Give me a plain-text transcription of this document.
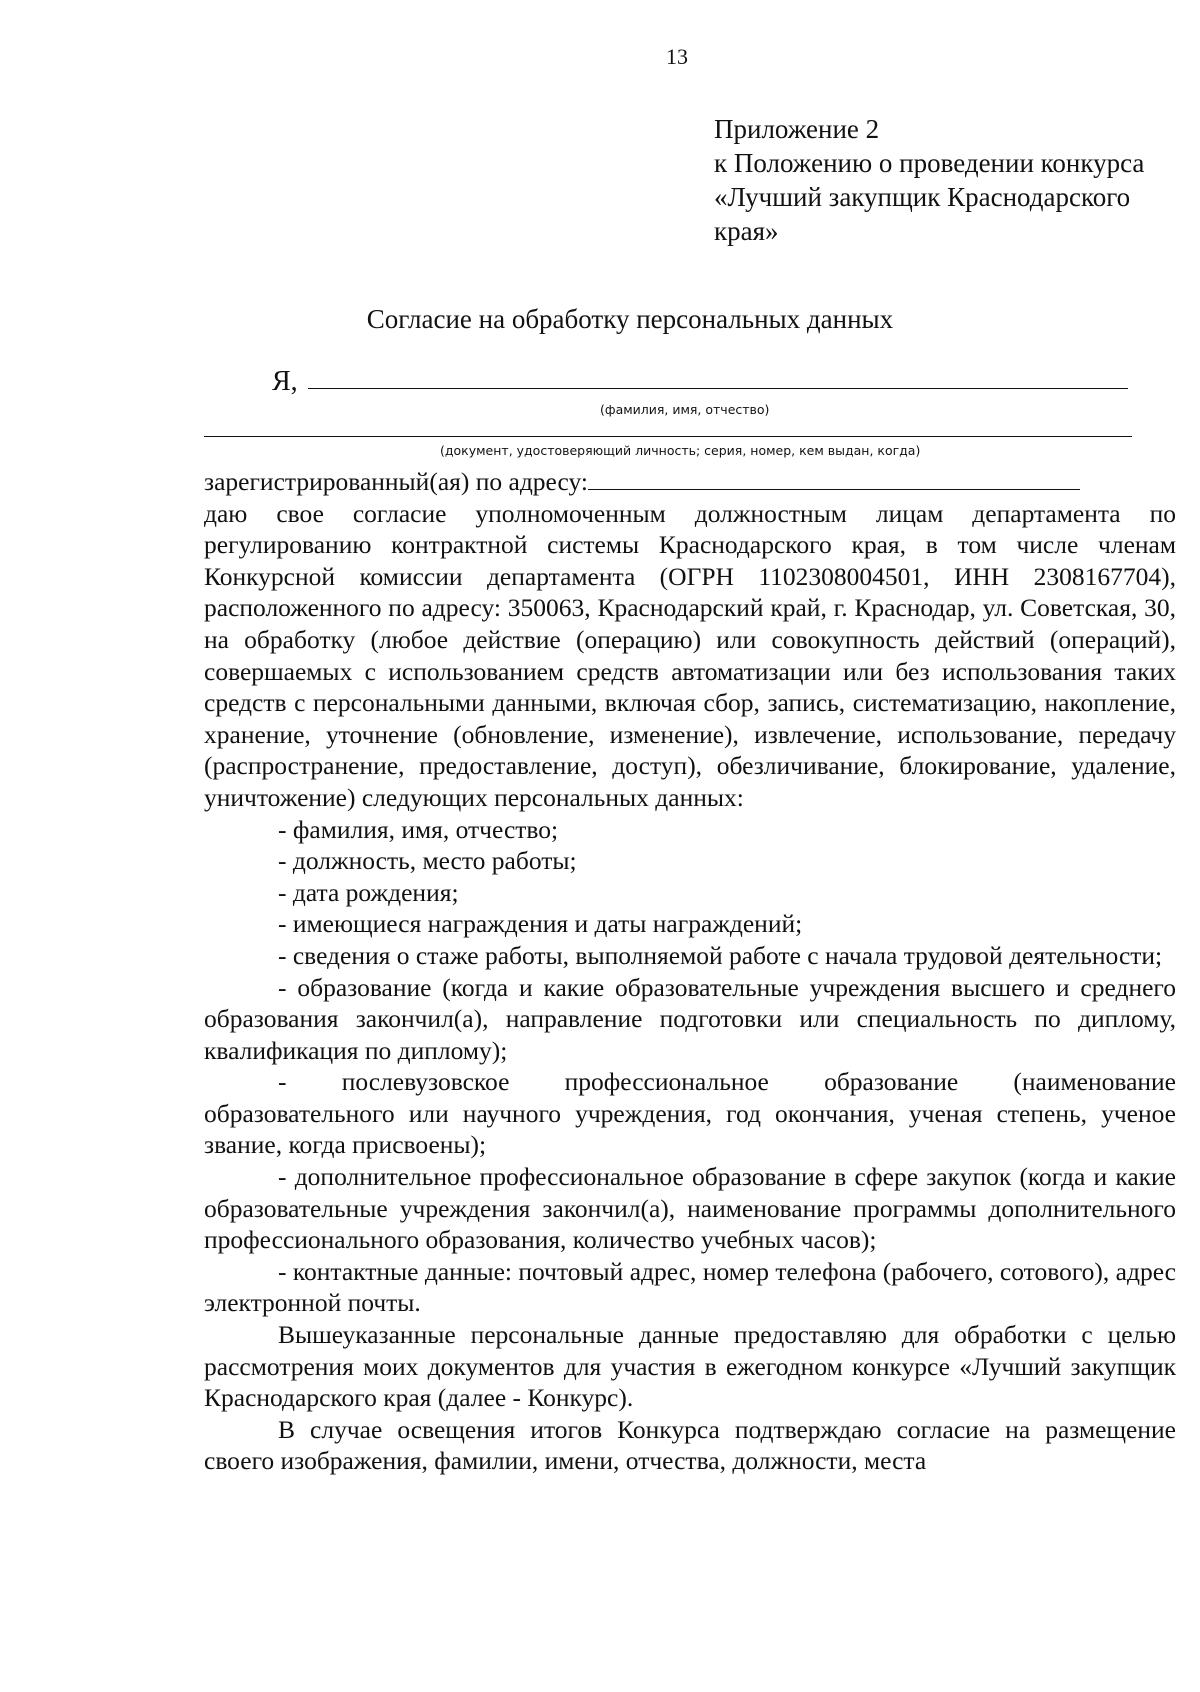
13
Приложение 2
к Положению о проведении конкурса
«Лучший закупщик Краснодарского
края»
Согласие на обработку персональных данных
Я,
(фамилия, имя, отчество)
(документ, удостоверяющий личность; серия, номер, кем выдан, когда)

зарегистрированный(ая) по адресу:

даю свое согласие уполномоченным должностным лицам департамента по регулированию контрактной системы Краснодарского края, в том числе членам Конкурсной комиссии департамента (ОГРН 1102308004501, ИНН 2308167704), расположенного по адресу: 350063, Краснодарский край, г. Краснодар, ул. Советская, 30, на обработку (любое действие (операцию) или совокупность действий (операций), совершаемых с использованием средств автоматизации или без использования таких средств с персональными данными, включая сбор, запись, систематизацию, накопление, хранение, уточнение (обновление, изменение), извлечение, использование, передачу (распространение, предоставление, доступ), обезличивание, блокирование, удаление, уничтожение) следующих персональных данных:

- фамилия, имя, отчество;

- должность, место работы;

- дата рождения;

- имеющиеся награждения и даты награждений;

- сведения о стаже работы, выполняемой работе с начала трудовой деятельности;

- образование (когда и какие образовательные учреждения высшего и среднего образования закончил(а), направление подготовки или специальность по диплому, квалификация по диплому);

- послевузовское профессиональное образование (наименование образовательного или научного учреждения, год окончания, ученая степень, ученое звание, когда присвоены);

- дополнительное профессиональное образование в сфере закупок (когда и какие образовательные учреждения закончил(а), наименование программы дополнительного профессионального образования, количество учебных часов);

- контактные данные: почтовый адрес, номер телефона (рабочего, сотового), адрес электронной почты.

Вышеуказанные персональные данные предоставляю для обработки с целью рассмотрения моих документов для участия в ежегодном конкурсе «Лучший закупщик Краснодарского края (далее - Конкурс).

В случае освещения итогов Конкурса подтверждаю согласие на размещение своего изображения, фамилии, имени, отчества, должности, места
